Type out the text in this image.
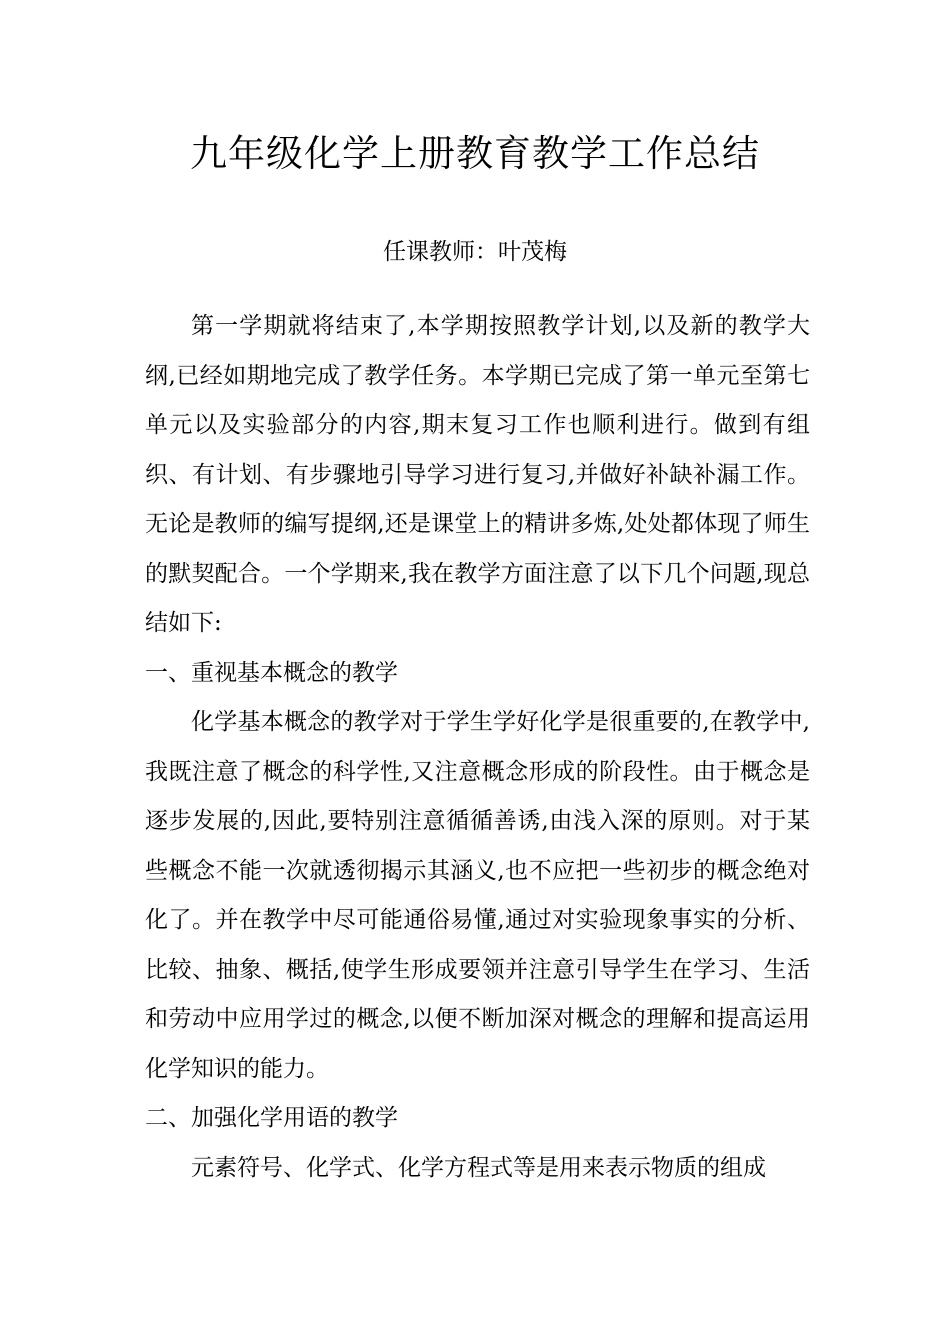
九年级化学上册教育教学工作总结

任课教师：叶茂梅

第一学期就将结束了,本学期按照教学计划,以及新的教学大纲,已经如期地完成了教学任务。本学期已完成了第一单元至第七单元以及实验部分的内容,期末复习工作也顺利进行。做到有组织、有计划、有步骤地引导学习进行复习,并做好补缺补漏工作。无论是教师的编写提纲,还是课堂上的精讲多炼,处处都体现了师生的默契配合。一个学期来,我在教学方面注意了以下几个问题,现总结如下:

一、重视基本概念的教学

化学基本概念的教学对于学生学好化学是很重要的,在教学中,我既注意了概念的科学性,又注意概念形成的阶段性。由于概念是逐步发展的,因此,要特别注意循循善诱,由浅入深的原则。对于某些概念不能一次就透彻揭示其涵义,也不应把一些初步的概念绝对化了。并在教学中尽可能通俗易懂,通过对实验现象事实的分析、比较、抽象、概括,使学生形成要领并注意引导学生在学习、生活和劳动中应用学过的概念,以便不断加深对概念的理解和提高运用化学知识的能力。

二、加强化学用语的教学

元素符号、化学式、化学方程式等是用来表示物质的组成
